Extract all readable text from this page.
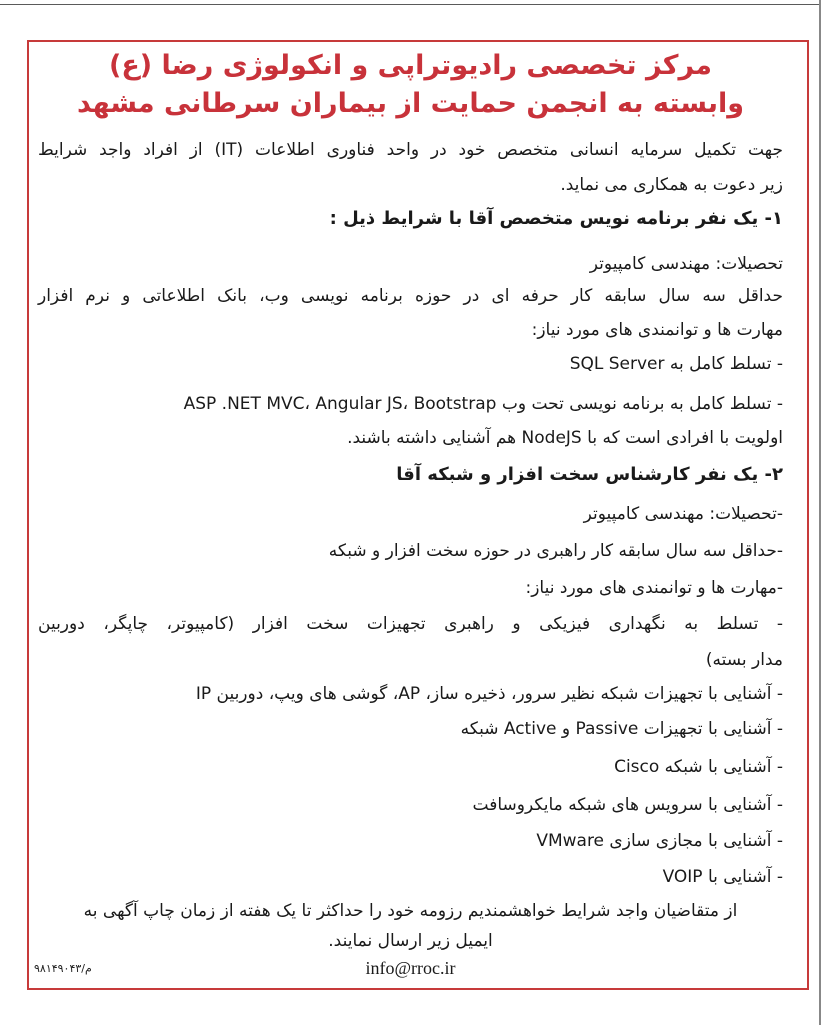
مرکز تخصصی رادیوتراپی و انکولوژی رضا (ع)
وابسته به انجمن حمایت از بیماران سرطانی مشهد
جهت تکمیل سرمایه انسانی متخصص خود در واحد فناوری اطلاعات (IT) از افراد واجد شرایط
زیر دعوت به همکاری می نماید.
۱- یک نفر برنامه نویس متخصص آقا با شرایط ذیل :
تحصیلات: مهندسی کامپیوتر
حداقل سه سال سابقه کار حرفه ای در حوزه برنامه نویسی وب، بانک اطلاعاتی و نرم افزار
مهارت ها و توانمندی های مورد نیاز:
- تسلط کامل به SQL Server
- تسلط کامل به برنامه نویسی تحت وب ASP .NET MVC، Angular JS، Bootstrap
اولویت با افرادی است که با NodeJS هم آشنایی داشته باشند.
۲- یک نفر کارشناس سخت افزار و شبکه آقا
-تحصیلات: مهندسی کامپیوتر
-حداقل سه سال سابقه کار راهبری در حوزه سخت افزار و شبکه
-مهارت ها و توانمندی های مورد نیاز:
- تسلط به نگهداری فیزیکی و راهبری تجهیزات سخت افزار (کامپیوتر، چاپگر، دوربین
مدار بسته)
- آشنایی با تجهیزات شبکه نظیر سرور، ذخیره ساز، AP، گوشی های ویپ، دوربین IP
- آشنایی با تجهیزات Passive و Active شبکه
- آشنایی با شبکه Cisco
- آشنایی با سرویس های شبکه مایکروسافت
- آشنایی با مجازی سازی VMware
- آشنایی با VOIP
از متقاضیان واجد شرایط خواهشمندیم رزومه خود را حداکثر تا یک هفته از زمان چاپ آگهی به
ایمیل زیر ارسال نمایند.
info@rroc.ir
۹۸۱۴۹۰۴۳/م
